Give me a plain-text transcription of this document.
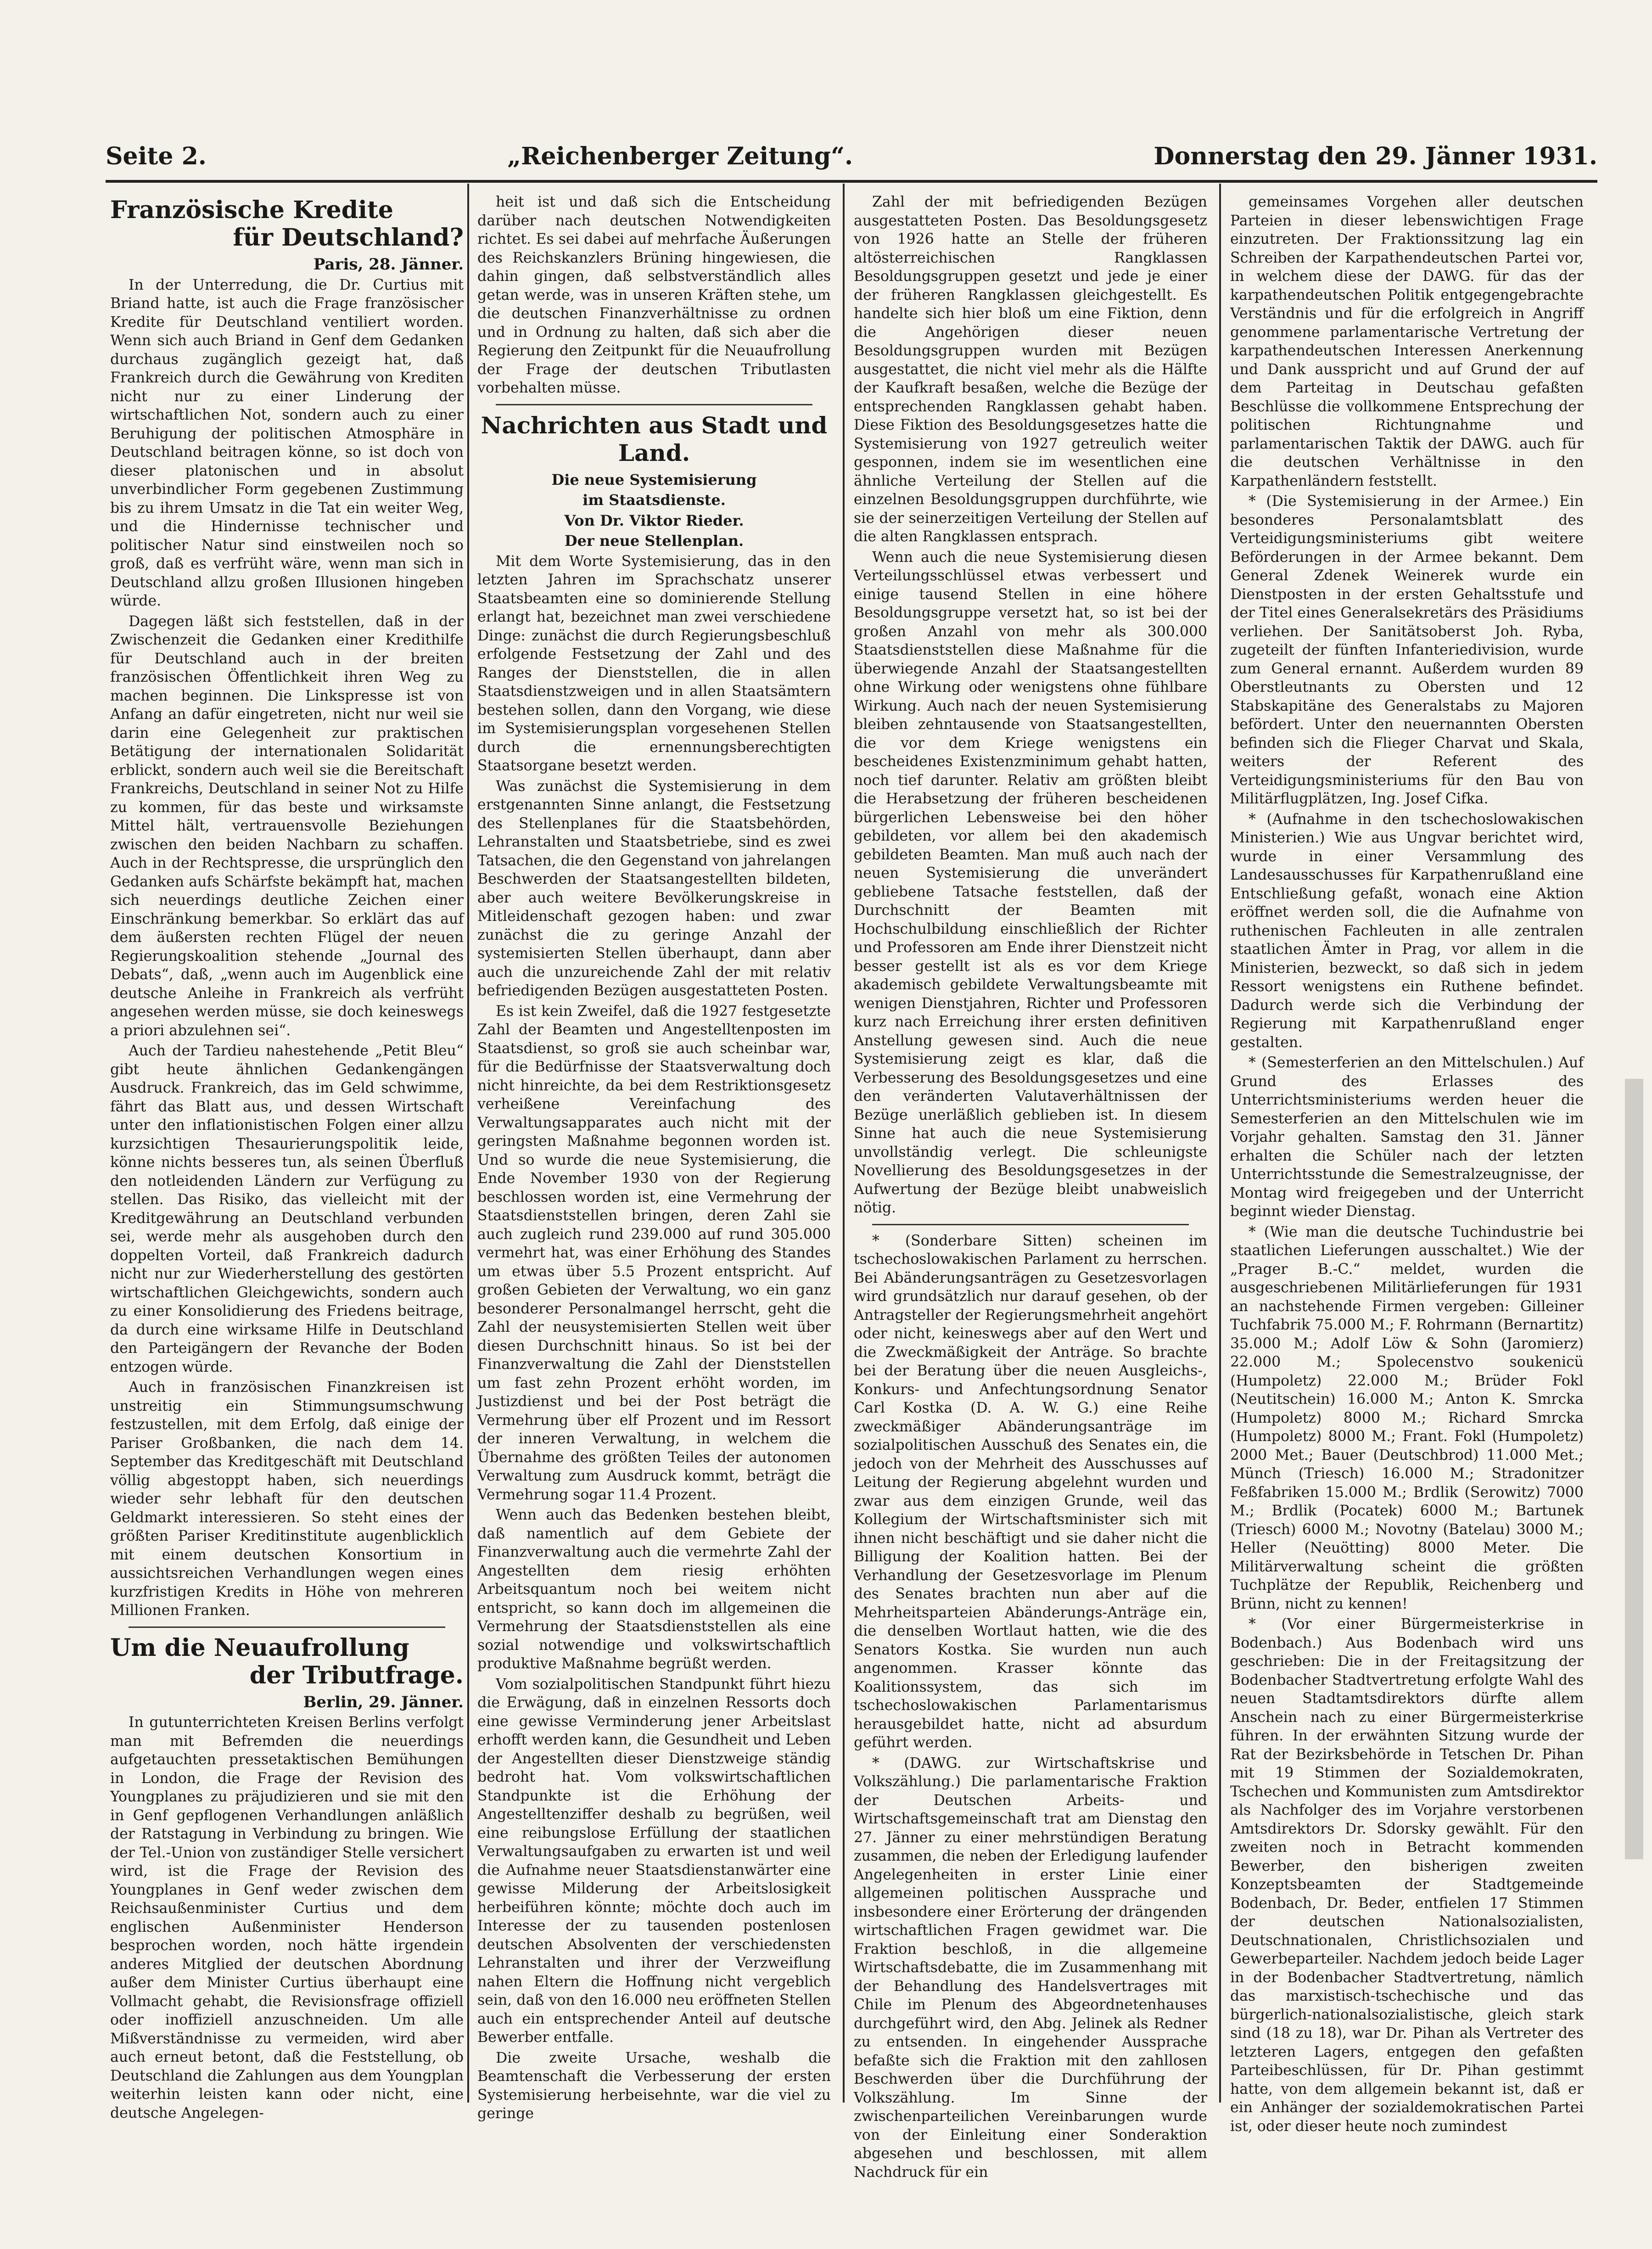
Seite 2.	„Reichenberger Zeitung“.	Donnerstag den 29. Jänner 1931.
Französische Kredite
für Deutschland?
Paris, 28. Jänner.

In der Unterredung, die Dr. Curtius mit Briand hatte, ist auch die Frage französischer Kredite für Deutschland ventiliert worden. Wenn sich auch Briand in Genf dem Gedanken durchaus zugänglich gezeigt hat, daß Frankreich durch die Gewährung von Krediten nicht nur zu einer Linderung der wirtschaftlichen Not, sondern auch zu einer Beruhigung der politischen Atmosphäre in Deutschland beitragen könne, so ist doch von dieser platonischen und in absolut unverbindlicher Form gegebenen Zustimmung bis zu ihrem Umsatz in die Tat ein weiter Weg, und die Hindernisse technischer und politischer Natur sind einstweilen noch so groß, daß es verfrüht wäre, wenn man sich in Deutschland allzu großen Illusionen hingeben würde.

Dagegen läßt sich feststellen, daß in der Zwischenzeit die Gedanken einer Kredithilfe für Deutschland auch in der breiten französischen Öffentlichkeit ihren Weg zu machen beginnen. Die Linkspresse ist von Anfang an dafür eingetreten, nicht nur weil sie darin eine Gelegenheit zur praktischen Betätigung der internationalen Solidarität erblickt, sondern auch weil sie die Bereitschaft Frankreichs, Deutschland in seiner Not zu Hilfe zu kommen, für das beste und wirksamste Mittel hält, vertrauensvolle Beziehungen zwischen den beiden Nachbarn zu schaffen. Auch in der Rechtspresse, die ursprünglich den Gedanken aufs Schärfste bekämpft hat, machen sich neuerdings deutliche Zeichen einer Einschränkung bemerkbar. So erklärt das auf dem äußersten rechten Flügel der neuen Regierungskoalition stehende „Journal des Debats“, daß, „wenn auch im Augenblick eine deutsche Anleihe in Frankreich als verfrüht angesehen werden müsse, sie doch keineswegs a priori abzulehnen sei“.

Auch der Tardieu nahestehende „Petit Bleu“ gibt heute ähnlichen Gedankengängen Ausdruck. Frankreich, das im Geld schwimme, fährt das Blatt aus, und dessen Wirtschaft unter den inflationistischen Folgen einer allzu kurzsichtigen Thesaurierungspolitik leide, könne nichts besseres tun, als seinen Überfluß den notleidenden Ländern zur Verfügung zu stellen. Das Risiko, das vielleicht mit der Kreditgewährung an Deutschland verbunden sei, werde mehr als ausgehoben durch den doppelten Vorteil, daß Frankreich dadurch nicht nur zur Wiederherstellung des gestörten wirtschaftlichen Gleichgewichts, sondern auch zu einer Konsolidierung des Friedens beitrage, da durch eine wirksame Hilfe in Deutschland den Parteigängern der Revanche der Boden entzogen würde.

Auch in französischen Finanzkreisen ist unstreitig ein Stimmungsumschwung festzustellen, mit dem Erfolg, daß einige der Pariser Großbanken, die nach dem 14. September das Kreditgeschäft mit Deutschland völlig abgestoppt haben, sich neuerdings wieder sehr lebhaft für den deutschen Geldmarkt interessieren. So steht eines der größten Pariser Kreditinstitute augenblicklich mit einem deutschen Konsortium in aussichtsreichen Verhandlungen wegen eines kurzfristigen Kredits in Höhe von mehreren Millionen Franken.

Um die Neuaufrollung
der Tributfrage.
Berlin, 29. Jänner.

In gutunterrichteten Kreisen Berlins verfolgt man mit Befremden die neuerdings aufgetauchten pressetaktischen Bemühungen in London, die Frage der Revision des Youngplanes zu präjudizieren und sie mit den in Genf gepflogenen Verhandlungen anläßlich der Ratstagung in Verbindung zu bringen. Wie der Tel.-Union von zuständiger Stelle versichert wird, ist die Frage der Revision des Youngplanes in Genf weder zwischen dem Reichsaußenminister Curtius und dem englischen Außenminister Henderson besprochen worden, noch hätte irgendein anderes Mitglied der deutschen Abordnung außer dem Minister Curtius überhaupt eine Vollmacht gehabt, die Revisionsfrage offiziell oder inoffiziell anzuschneiden. Um alle Mißverständnisse zu vermeiden, wird aber auch erneut betont, daß die Feststellung, ob Deutschland die Zahlungen aus dem Youngplan weiterhin leisten kann oder nicht, eine deutsche Angelegen-

heit ist und daß sich die Entscheidung darüber nach deutschen Notwendigkeiten richtet. Es sei dabei auf mehrfache Äußerungen des Reichskanzlers Brüning hingewiesen, die dahin gingen, daß selbstverständlich alles getan werde, was in unseren Kräften stehe, um die deutschen Finanzverhältnisse zu ordnen und in Ordnung zu halten, daß sich aber die Regierung den Zeitpunkt für die Neuaufrollung der Frage der deutschen Tributlasten vorbehalten müsse.

Nachrichten aus Stadt und Land.
Die neue Systemisierung
im Staatsdienste.
Von Dr. Viktor Rieder.
Der neue Stellenplan.

Mit dem Worte Systemisierung, das in den letzten Jahren im Sprachschatz unserer Staatsbeamten eine so dominierende Stellung erlangt hat, bezeichnet man zwei verschiedene Dinge: zunächst die durch Regierungsbeschluß erfolgende Festsetzung der Zahl und des Ranges der Dienststellen, die in allen Staatsdienstzweigen und in allen Staatsämtern bestehen sollen, dann den Vorgang, wie diese im Systemisierungsplan vorgesehenen Stellen durch die ernennungsberechtigten Staatsorgane besetzt werden.

Was zunächst die Systemisierung in dem erstgenannten Sinne anlangt, die Festsetzung des Stellenplanes für die Staatsbehörden, Lehranstalten und Staatsbetriebe, sind es zwei Tatsachen, die den Gegenstand von jahrelangen Beschwerden der Staatsangestellten bildeten, aber auch weitere Bevölkerungskreise in Mitleidenschaft gezogen haben: und zwar zunächst die zu geringe Anzahl der systemisierten Stellen überhaupt, dann aber auch die unzureichende Zahl der mit relativ befriedigenden Bezügen ausgestatteten Posten.

Es ist kein Zweifel, daß die 1927 festgesetzte Zahl der Beamten und Angestelltenposten im Staatsdienst, so groß sie auch scheinbar war, für die Bedürfnisse der Staatsverwaltung doch nicht hinreichte, da bei dem Restriktionsgesetz verheißene Vereinfachung des Verwaltungsapparates auch nicht mit der geringsten Maßnahme begonnen worden ist. Und so wurde die neue Systemisierung, die Ende November 1930 von der Regierung beschlossen worden ist, eine Vermehrung der Staatsdienststellen bringen, deren Zahl sie auch zugleich rund 239.000 auf rund 305.000 vermehrt hat, was einer Erhöhung des Standes um etwas über 5.5 Prozent entspricht. Auf großen Gebieten der Verwaltung, wo ein ganz besonderer Personalmangel herrscht, geht die Zahl der neusystemisierten Stellen weit über diesen Durchschnitt hinaus. So ist bei der Finanzverwaltung die Zahl der Dienststellen um fast zehn Prozent erhöht worden, im Justizdienst und bei der Post beträgt die Vermehrung über elf Prozent und im Ressort der inneren Verwaltung, in welchem die Übernahme des größten Teiles der autonomen Verwaltung zum Ausdruck kommt, beträgt die Vermehrung sogar 11.4 Prozent.

Wenn auch das Bedenken bestehen bleibt, daß namentlich auf dem Gebiete der Finanzverwaltung auch die vermehrte Zahl der Angestellten dem riesig erhöhten Arbeitsquantum noch bei weitem nicht entspricht, so kann doch im allgemeinen die Vermehrung der Staatsdienststellen als eine sozial notwendige und volkswirtschaftlich produktive Maßnahme begrüßt werden.

Vom sozialpolitischen Standpunkt führt hiezu die Erwägung, daß in einzelnen Ressorts doch eine gewisse Verminderung jener Arbeitslast erhofft werden kann, die Gesundheit und Leben der Angestellten dieser Dienstzweige ständig bedroht hat. Vom volkswirtschaftlichen Standpunkte ist die Erhöhung der Angestelltenziffer deshalb zu begrüßen, weil eine reibungslose Erfüllung der staatlichen Verwaltungsaufgaben zu erwarten ist und weil die Aufnahme neuer Staatsdienstanwärter eine gewisse Milderung der Arbeitslosigkeit herbeiführen könnte; möchte doch auch im Interesse der zu tausenden postenlosen deutschen Absolventen der verschiedensten Lehranstalten und ihrer der Verzweiflung nahen Eltern die Hoffnung nicht vergeblich sein, daß von den 16.000 neu eröffneten Stellen auch ein entsprechender Anteil auf deutsche Bewerber entfalle.

Die zweite Ursache, weshalb die Beamtenschaft die Verbesserung der ersten Systemisierung herbeisehnte, war die viel zu geringe

Zahl der mit befriedigenden Bezügen ausgestatteten Posten. Das Besoldungsgesetz von 1926 hatte an Stelle der früheren altösterreichischen Rangklassen Besoldungsgruppen gesetzt und jede je einer der früheren Rangklassen gleichgestellt. Es handelte sich hier bloß um eine Fiktion, denn die Angehörigen dieser neuen Besoldungsgruppen wurden mit Bezügen ausgestattet, die nicht viel mehr als die Hälfte der Kaufkraft besaßen, welche die Bezüge der entsprechenden Rangklassen gehabt haben. Diese Fiktion des Besoldungsgesetzes hatte die Systemisierung von 1927 getreulich weiter gesponnen, indem sie im wesentlichen eine ähnliche Verteilung der Stellen auf die einzelnen Besoldungsgruppen durchführte, wie sie der seinerzeitigen Verteilung der Stellen auf die alten Rangklassen entsprach.

Wenn auch die neue Systemisierung diesen Verteilungsschlüssel etwas verbessert und einige tausend Stellen in eine höhere Besoldungsgruppe versetzt hat, so ist bei der großen Anzahl von mehr als 300.000 Staatsdienststellen diese Maßnahme für die überwiegende Anzahl der Staatsangestellten ohne Wirkung oder wenigstens ohne fühlbare Wirkung. Auch nach der neuen Systemisierung bleiben zehntausende von Staatsangestellten, die vor dem Kriege wenigstens ein bescheidenes Existenzminimum gehabt hatten, noch tief darunter. Relativ am größten bleibt die Herabsetzung der früheren bescheidenen bürgerlichen Lebensweise bei den höher gebildeten, vor allem bei den akademisch gebildeten Beamten. Man muß auch nach der neuen Systemisierung die unverändert gebliebene Tatsache feststellen, daß der Durchschnitt der Beamten mit Hochschulbildung einschließlich der Richter und Professoren am Ende ihrer Dienstzeit nicht besser gestellt ist als es vor dem Kriege akademisch gebildete Verwaltungsbeamte mit wenigen Dienstjahren, Richter und Professoren kurz nach Erreichung ihrer ersten definitiven Anstellung gewesen sind. Auch die neue Systemisierung zeigt es klar, daß die Verbesserung des Besoldungsgesetzes und eine den veränderten Valutaverhältnissen der Bezüge unerläßlich geblieben ist. In diesem Sinne hat auch die neue Systemisierung unvollständig verlegt. Die schleunigste Novellierung des Besoldungsgesetzes in der Aufwertung der Bezüge bleibt unabweislich nötig.

* (Sonderbare Sitten) scheinen im tschechoslowakischen Parlament zu herrschen. Bei Abänderungsanträgen zu Gesetzesvorlagen wird grundsätzlich nur darauf gesehen, ob der Antragsteller der Regierungsmehrheit angehört oder nicht, keineswegs aber auf den Wert und die Zweckmäßigkeit der Anträge. So brachte bei der Beratung über die neuen Ausgleichs-, Konkurs- und Anfechtungsordnung Senator Carl Kostka (D. A. W. G.) eine Reihe zweckmäßiger Abänderungsanträge im sozialpolitischen Ausschuß des Senates ein, die jedoch von der Mehrheit des Ausschusses auf Leitung der Regierung abgelehnt wurden und zwar aus dem einzigen Grunde, weil das Kollegium der Wirtschaftsminister sich mit ihnen nicht beschäftigt und sie daher nicht die Billigung der Koalition hatten. Bei der Verhandlung der Gesetzesvorlage im Plenum des Senates brachten nun aber auf die Mehrheitsparteien Abänderungs-Anträge ein, die denselben Wortlaut hatten, wie die des Senators Kostka. Sie wurden nun auch angenommen. Krasser könnte das Koalitionssystem, das sich im tschechoslowakischen Parlamentarismus herausgebildet hatte, nicht ad absurdum geführt werden.

* (DAWG. zur Wirtschaftskrise und Volkszählung.) Die parlamentarische Fraktion der Deutschen Arbeits- und Wirtschaftsgemeinschaft trat am Dienstag den 27. Jänner zu einer mehrstündigen Beratung zusammen, die neben der Erledigung laufender Angelegenheiten in erster Linie einer allgemeinen politischen Aussprache und insbesondere einer Erörterung der drängenden wirtschaftlichen Fragen gewidmet war. Die Fraktion beschloß, in die allgemeine Wirtschaftsdebatte, die im Zusammenhang mit der Behandlung des Handelsvertrages mit Chile im Plenum des Abgeordnetenhauses durchgeführt wird, den Abg. Jelinek als Redner zu entsenden. In eingehender Aussprache befaßte sich die Fraktion mit den zahllosen Beschwerden über die Durchführung der Volkszählung. Im Sinne der zwischenparteilichen Vereinbarungen wurde von der Einleitung einer Sonderaktion abgesehen und beschlossen, mit allem Nachdruck für ein

gemeinsames Vorgehen aller deutschen Parteien in dieser lebenswichtigen Frage einzutreten. Der Fraktionssitzung lag ein Schreiben der Karpathendeutschen Partei vor, in welchem diese der DAWG. für das der karpathendeutschen Politik entgegengebrachte Verständnis und für die erfolgreich in Angriff genommene parlamentarische Vertretung der karpathendeutschen Interessen Anerkennung und Dank ausspricht und auf Grund der auf dem Parteitag in Deutschau gefaßten Beschlüsse die vollkommene Entsprechung der politischen Richtungnahme und parlamentarischen Taktik der DAWG. auch für die deutschen Verhältnisse in den Karpathenländern feststellt.

* (Die Systemisierung in der Armee.) Ein besonderes Personalamtsblatt des Verteidigungsministeriums gibt weitere Beförderungen in der Armee bekannt. Dem General Zdenek Weinerek wurde ein Dienstposten in der ersten Gehaltsstufe und der Titel eines Generalsekretärs des Präsidiums verliehen. Der Sanitätsoberst Joh. Ryba, zugeteilt der fünften Infanteriedivision, wurde zum General ernannt. Außerdem wurden 89 Oberstleutnants zu Obersten und 12 Stabskapitäne des Generalstabs zu Majoren befördert. Unter den neuernannten Obersten befinden sich die Flieger Charvat und Skala, weiters der Referent des Verteidigungsministeriums für den Bau von Militärflugplätzen, Ing. Josef Cifka.

* (Aufnahme in den tschechoslowakischen Ministerien.) Wie aus Ungvar berichtet wird, wurde in einer Versammlung des Landesausschusses für Karpathenrußland eine Entschließung gefaßt, wonach eine Aktion eröffnet werden soll, die die Aufnahme von ruthenischen Fachleuten in alle zentralen staatlichen Ämter in Prag, vor allem in die Ministerien, bezweckt, so daß sich in jedem Ressort wenigstens ein Ruthene befindet. Dadurch werde sich die Verbindung der Regierung mit Karpathenrußland enger gestalten.

* (Semesterferien an den Mittelschulen.) Auf Grund des Erlasses des Unterrichtsministeriums werden heuer die Semesterferien an den Mittelschulen wie im Vorjahr gehalten. Samstag den 31. Jänner erhalten die Schüler nach der letzten Unterrichtsstunde die Semestralzeugnisse, der Montag wird freigegeben und der Unterricht beginnt wieder Dienstag.

* (Wie man die deutsche Tuchindustrie bei staatlichen Lieferungen ausschaltet.) Wie der „Prager B.-C.“ meldet, wurden die ausgeschriebenen Militärlieferungen für 1931 an nachstehende Firmen vergeben: Gilleiner Tuchfabrik 75.000 M.; F. Rohrmann (Bernartitz) 35.000 M.; Adolf Löw & Sohn (Jaromierz) 22.000 M.; Spolecenstvo soukenicü (Humpoletz) 22.000 M.; Brüder Fokl (Neutitschein) 16.000 M.; Anton K. Smrcka (Humpoletz) 8000 M.; Richard Smrcka (Humpoletz) 8000 M.; Frant. Fokl (Humpoletz) 2000 Met.; Bauer (Deutschbrod) 11.000 Met.; Münch (Triesch) 16.000 M.; Stradonitzer Feßfabriken 15.000 M.; Brdlik (Serowitz) 7000 M.; Brdlik (Pocatek) 6000 M.; Bartunek (Triesch) 6000 M.; Novotny (Batelau) 3000 M.; Heller (Neuötting) 8000 Meter. Die Militärverwaltung scheint die größten Tuchplätze der Republik, Reichenberg und Brünn, nicht zu kennen!

* (Vor einer Bürgermeisterkrise in Bodenbach.) Aus Bodenbach wird uns geschrieben: Die in der Freitagsitzung der Bodenbacher Stadtvertretung erfolgte Wahl des neuen Stadtamtsdirektors dürfte allem Anschein nach zu einer Bürgermeisterkrise führen. In der erwähnten Sitzung wurde der Rat der Bezirksbehörde in Tetschen Dr. Pihan mit 19 Stimmen der Sozialdemokraten, Tschechen und Kommunisten zum Amtsdirektor als Nachfolger des im Vorjahre verstorbenen Amtsdirektors Dr. Sdorsky gewählt. Für den zweiten noch in Betracht kommenden Bewerber, den bisherigen zweiten Konzeptsbeamten der Stadtgemeinde Bodenbach, Dr. Beder, entfielen 17 Stimmen der deutschen Nationalsozialisten, Deutschnationalen, Christlichsozialen und Gewerbeparteiler. Nachdem jedoch beide Lager in der Bodenbacher Stadtvertretung, nämlich das marxistisch-tschechische und das bürgerlich-nationalsozialistische, gleich stark sind (18 zu 18), war Dr. Pihan als Vertreter des letzteren Lagers, entgegen den gefaßten Parteibeschlüssen, für Dr. Pihan gestimmt hatte, von dem allgemein bekannt ist, daß er ein Anhänger der sozialdemokratischen Partei ist, oder dieser heute noch zumindest
